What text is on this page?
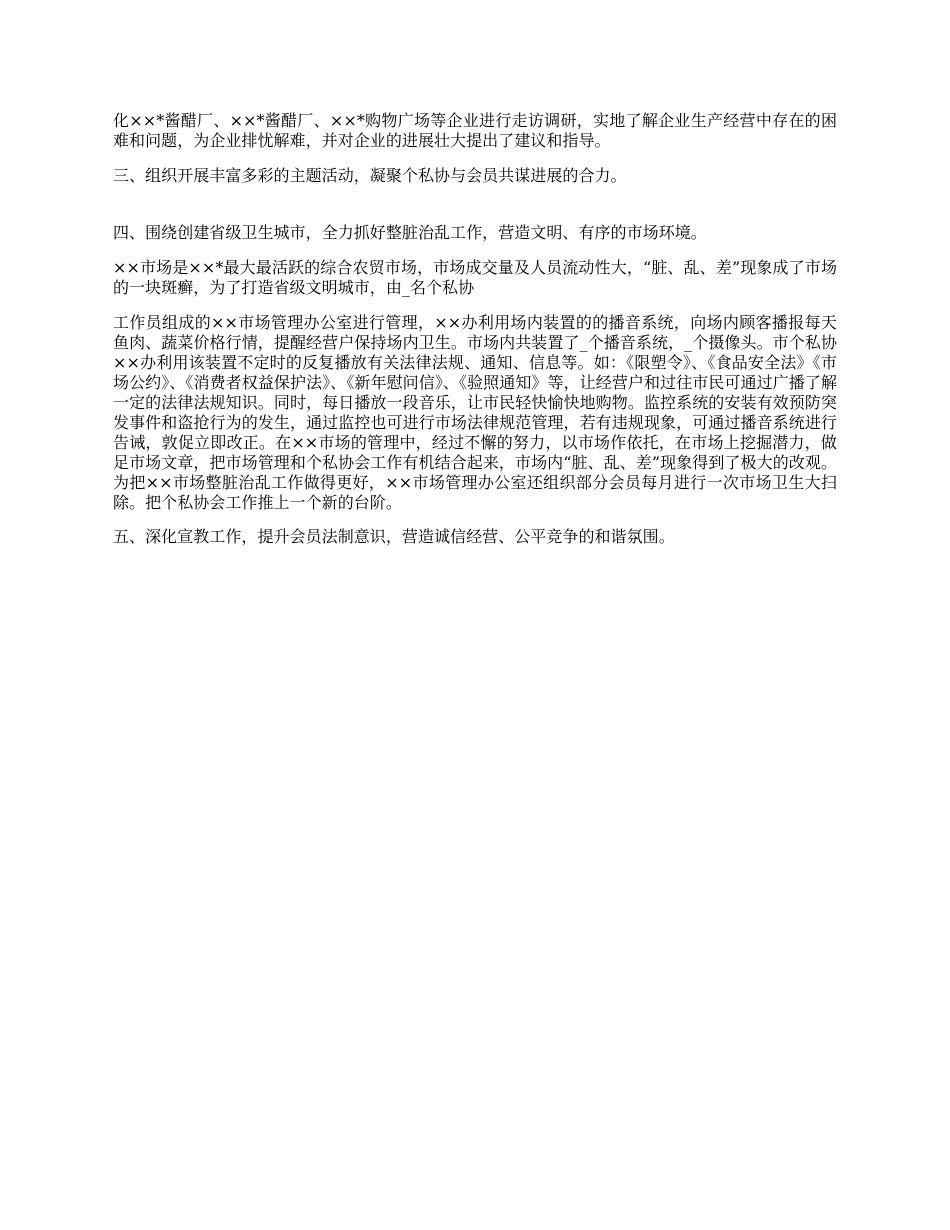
化××*酱醋厂、××*酱醋厂、××*购物广场等企业进行走访调研，实地了解企业生产经营中存在的困难和问题，为企业排忧解难，并对企业的进展壮大提出了建议和指导。

三、组织开展丰富多彩的主题活动，凝聚个私协与会员共谋进展的合力。

四、围绕创建省级卫生城市，全力抓好整脏治乱工作，营造文明、有序的市场环境。

××市场是××*最大最活跃的综合农贸市场，市场成交量及人员流动性大，“脏、乱、差”现象成了市场的一块斑癣，为了打造省级文明城市，由_名个私协

工作员组成的××市场管理办公室进行管理，××办利用场内装置的的播音系统，向场内顾客播报每天鱼肉、蔬菜价格行情，提醒经营户保持场内卫生。市场内共装置了_个播音系统，_个摄像头。市个私协××办利用该装置不定时的反复播放有关法律法规、通知、信息等。如：《限塑令》、《食品安全法》《市场公约》、《消费者权益保护法》、《新年慰问信》、《验照通知》等，让经营户和过往市民可通过广播了解一定的法律法规知识。同时，每日播放一段音乐，让市民轻快愉快地购物。监控系统的安装有效预防突发事件和盗抢行为的发生，通过监控也可进行市场法律规范管理，若有违规现象，可通过播音系统进行告诫，敦促立即改正。在××市场的管理中，经过不懈的努力，以市场作依托，在市场上挖掘潜力，做足市场文章，把市场管理和个私协会工作有机结合起来，市场内“脏、乱、差”现象得到了极大的改观。为把××市场整脏治乱工作做得更好，××市场管理办公室还组织部分会员每月进行一次市场卫生大扫除。把个私协会工作推上一个新的台阶。

五、深化宣教工作，提升会员法制意识，营造诚信经营、公平竞争的和谐氛围。
